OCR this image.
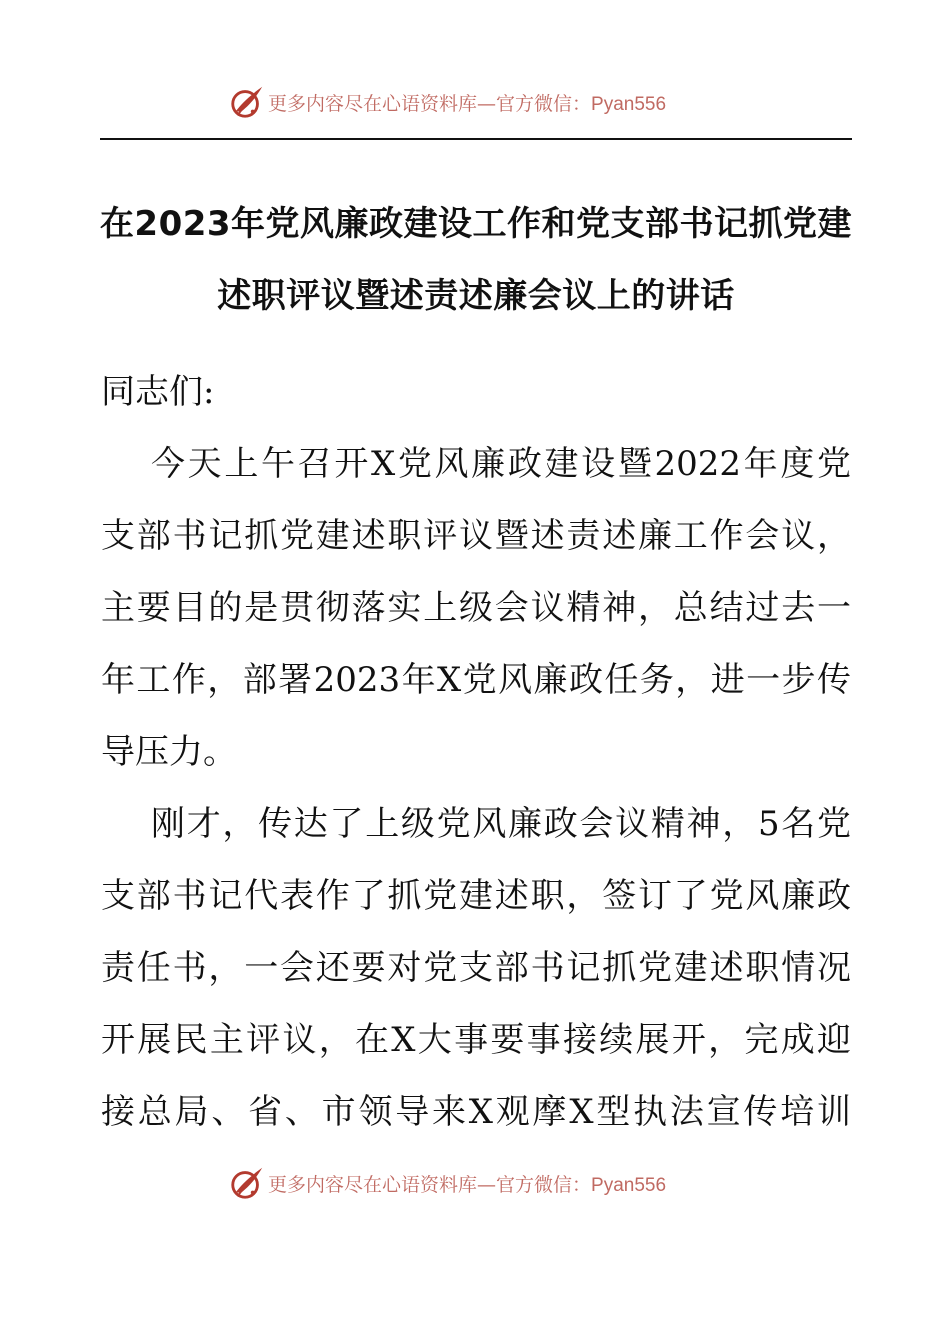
更多内容尽在心语资料库—官方微信：Pyan556
在2023年党风廉政建设工作和党支部书记抓党建
述职评议暨述责述廉会议上的讲话
同志们:

今天上午召开X党风廉政建设暨2022年度党
支部书记抓党建述职评议暨述责述廉工作会议，
主要目的是贯彻落实上级会议精神，总结过去一
年工作，部署2023年X党风廉政任务，进一步传
导压力。

刚才，传达了上级党风廉政会议精神，5名党
支部书记代表作了抓党建述职，签订了党风廉政
责任书，一会还要对党支部书记抓党建述职情况
开展民主评议，在X大事要事接续展开，完成迎
接总局、省、市领导来X观摩X型执法宣传培训

更多内容尽在心语资料库—官方微信：Pyan556
